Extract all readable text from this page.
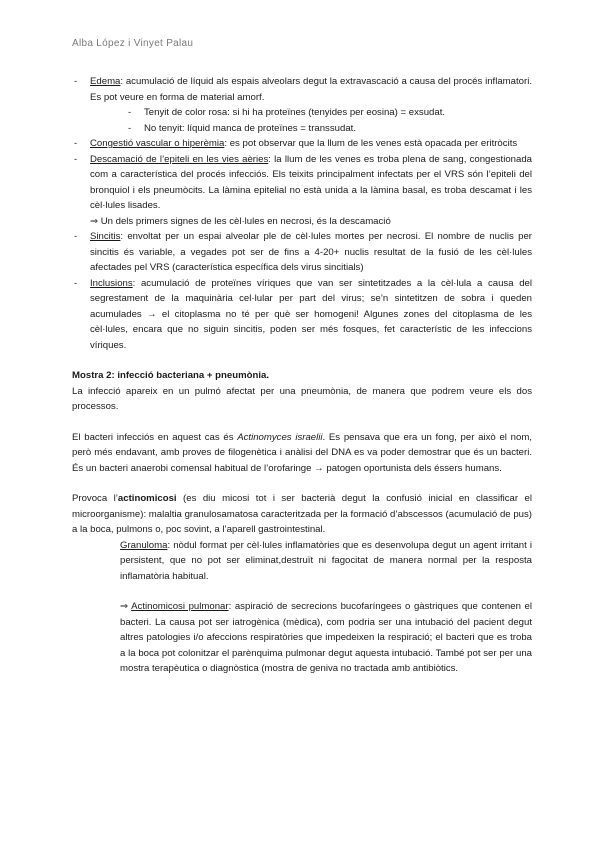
Alba López i Vinyet Palau

- Edema: acumulació de líquid als espais alveolars degut la extravascació a causa del procés inflamatori. Es pot veure en forma de material amorf.

- Tenyit de color rosa: si hi ha proteïnes (tenyides per eosina) = exsudat.

- No tenyit: líquid manca de proteïnes = transsudat.

- Congestió vascular o hiperèmia: es pot observar que la llum de les venes està opacada per eritròcits

- Descamació de l’epiteli en les vies aèries: la llum de les venes es troba plena de sang, congestionada com a característica del procés infecciós. Els teixits principalment infectats per el VRS són l’epiteli del bronquiol i els pneumòcits. La làmina epitelial no està unida a la làmina basal, es troba descamat i les cèl·lules lisades.

⇒ Un dels primers signes de les cèl·lules en necrosi, és la descamació

- Sincitis: envoltat per un espai alveolar ple de cèl·lules mortes per necrosi. El nombre de nuclis per sincitis és variable, a vegades pot ser de fins a 4-20+ nuclis resultat de la fusió de les cèl·lules afectades pel VRS (característica específica dels virus sincitials)

- Inclusions: acumulació de proteïnes víriques que van ser sintetitzades a la cèl·lula a causa del segrestament de la maquinària cel·lular per part del virus; se’n sintetitzen de sobra i queden acumulades → el citoplasma no té per què ser homogeni! Algunes zones del citoplasma de les cèl·lules, encara que no siguin sincitis, poden ser més fosques, fet característic de les infeccions víriques.

Mostra 2: infecció bacteriana + pneumònia.

La infecció apareix en un pulmó afectat per una pneumònia, de manera que podrem veure els dos processos.

El bacteri infecciós en aquest cas és Actinomyces israelii. Es pensava que era un fong, per això el nom, però més endavant, amb proves de filogenètica i anàlisi del DNA es va poder demostrar que és un bacteri. És un bacteri anaerobi comensal habitual de l’orofaringe → patogen oportunista dels éssers humans.

Provoca l’actinomicosi (es diu micosi tot i ser bacterià degut la confusió inicial en classificar el microorganisme): malaltia granulosamatosa caracteritzada per la formació d’abscessos (acumulació de pus) a la boca, pulmons o, poc sovint, a l’aparell gastrointestinal.

Granuloma: nòdul format per cèl·lules inflamatòries que es desenvolupa degut un agent irritant i persistent, que no pot ser eliminat,destruït ni fagocitat de manera normal per la resposta inflamatòria habitual.

⇒ Actinomicosi pulmonar: aspiració de secrecions bucofaríngees o gàstriques que contenen el bacteri. La causa pot ser iatrogènica (mèdica), com podria ser una intubació del pacient degut altres patologies i/o afeccions respiratòries que impedeixen la respiració; el bacteri que es troba a la boca pot colonitzar el parènquima pulmonar degut aquesta intubació. També pot ser per una mostra terapèutica o diagnòstica (mostra de geniva no tractada amb antibiòtics.
